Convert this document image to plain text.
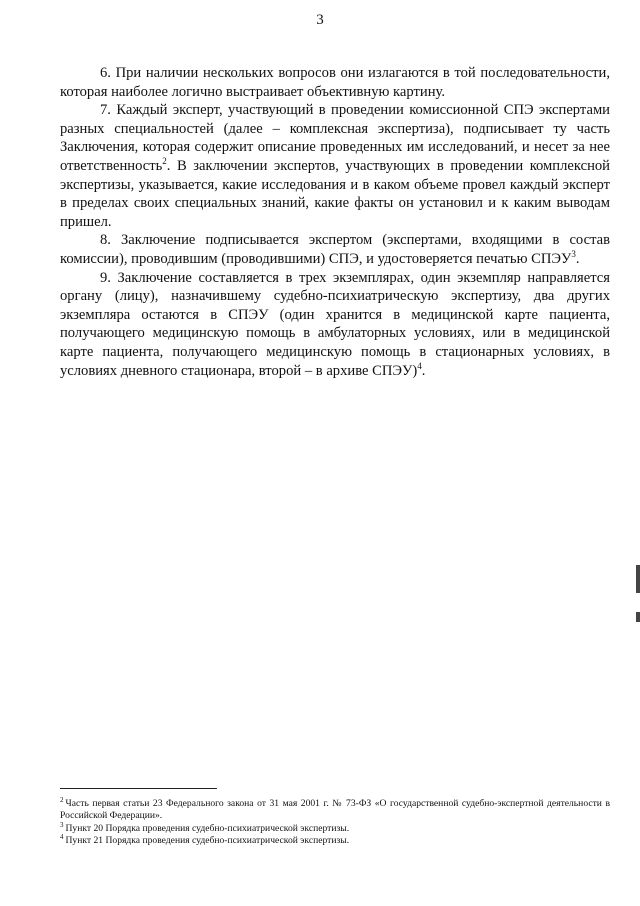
3

6. При наличии нескольких вопросов они излагаются в той последовательности, которая наиболее логично выстраивает объективную картину.

7. Каждый эксперт, участвующий в проведении комиссионной СПЭ экспертами разных специальностей (далее – комплексная экспертиза), подписывает ту часть Заключения, которая содержит описание проведенных им исследований, и несет за нее ответственность$^2$. В заключении экспертов, участвующих в проведении комплексной экспертизы, указывается, какие исследования и в каком объеме провел каждый эксперт в пределах своих специальных знаний, какие факты он установил и к каким выводам пришел.

8. Заключение подписывается экспертом (экспертами, входящими в состав комиссии), проводившим (проводившими) СПЭ, и удостоверяется печатью СПЭУ$^3$.

9. Заключение составляется в трех экземплярах, один экземпляр направляется органу (лицу), назначившему судебно-психиатрическую экспертизу, два других экземпляра остаются в СПЭУ (один хранится в медицинской карте пациента, получающего медицинскую помощь в амбулаторных условиях, или в медицинской карте пациента, получающего медицинскую помощь в стационарных условиях, в условиях дневного стационара, второй – в архиве СПЭУ)$^4$.

$^2$ Часть первая статьи 23 Федерального закона от 31 мая 2001 г. № 73-ФЗ «О государственной судебно-экспертной деятельности в Российской Федерации».

$^3$ Пункт 20 Порядка проведения судебно-психиатрической экспертизы.

$^4$ Пункт 21 Порядка проведения судебно-психиатрической экспертизы.
